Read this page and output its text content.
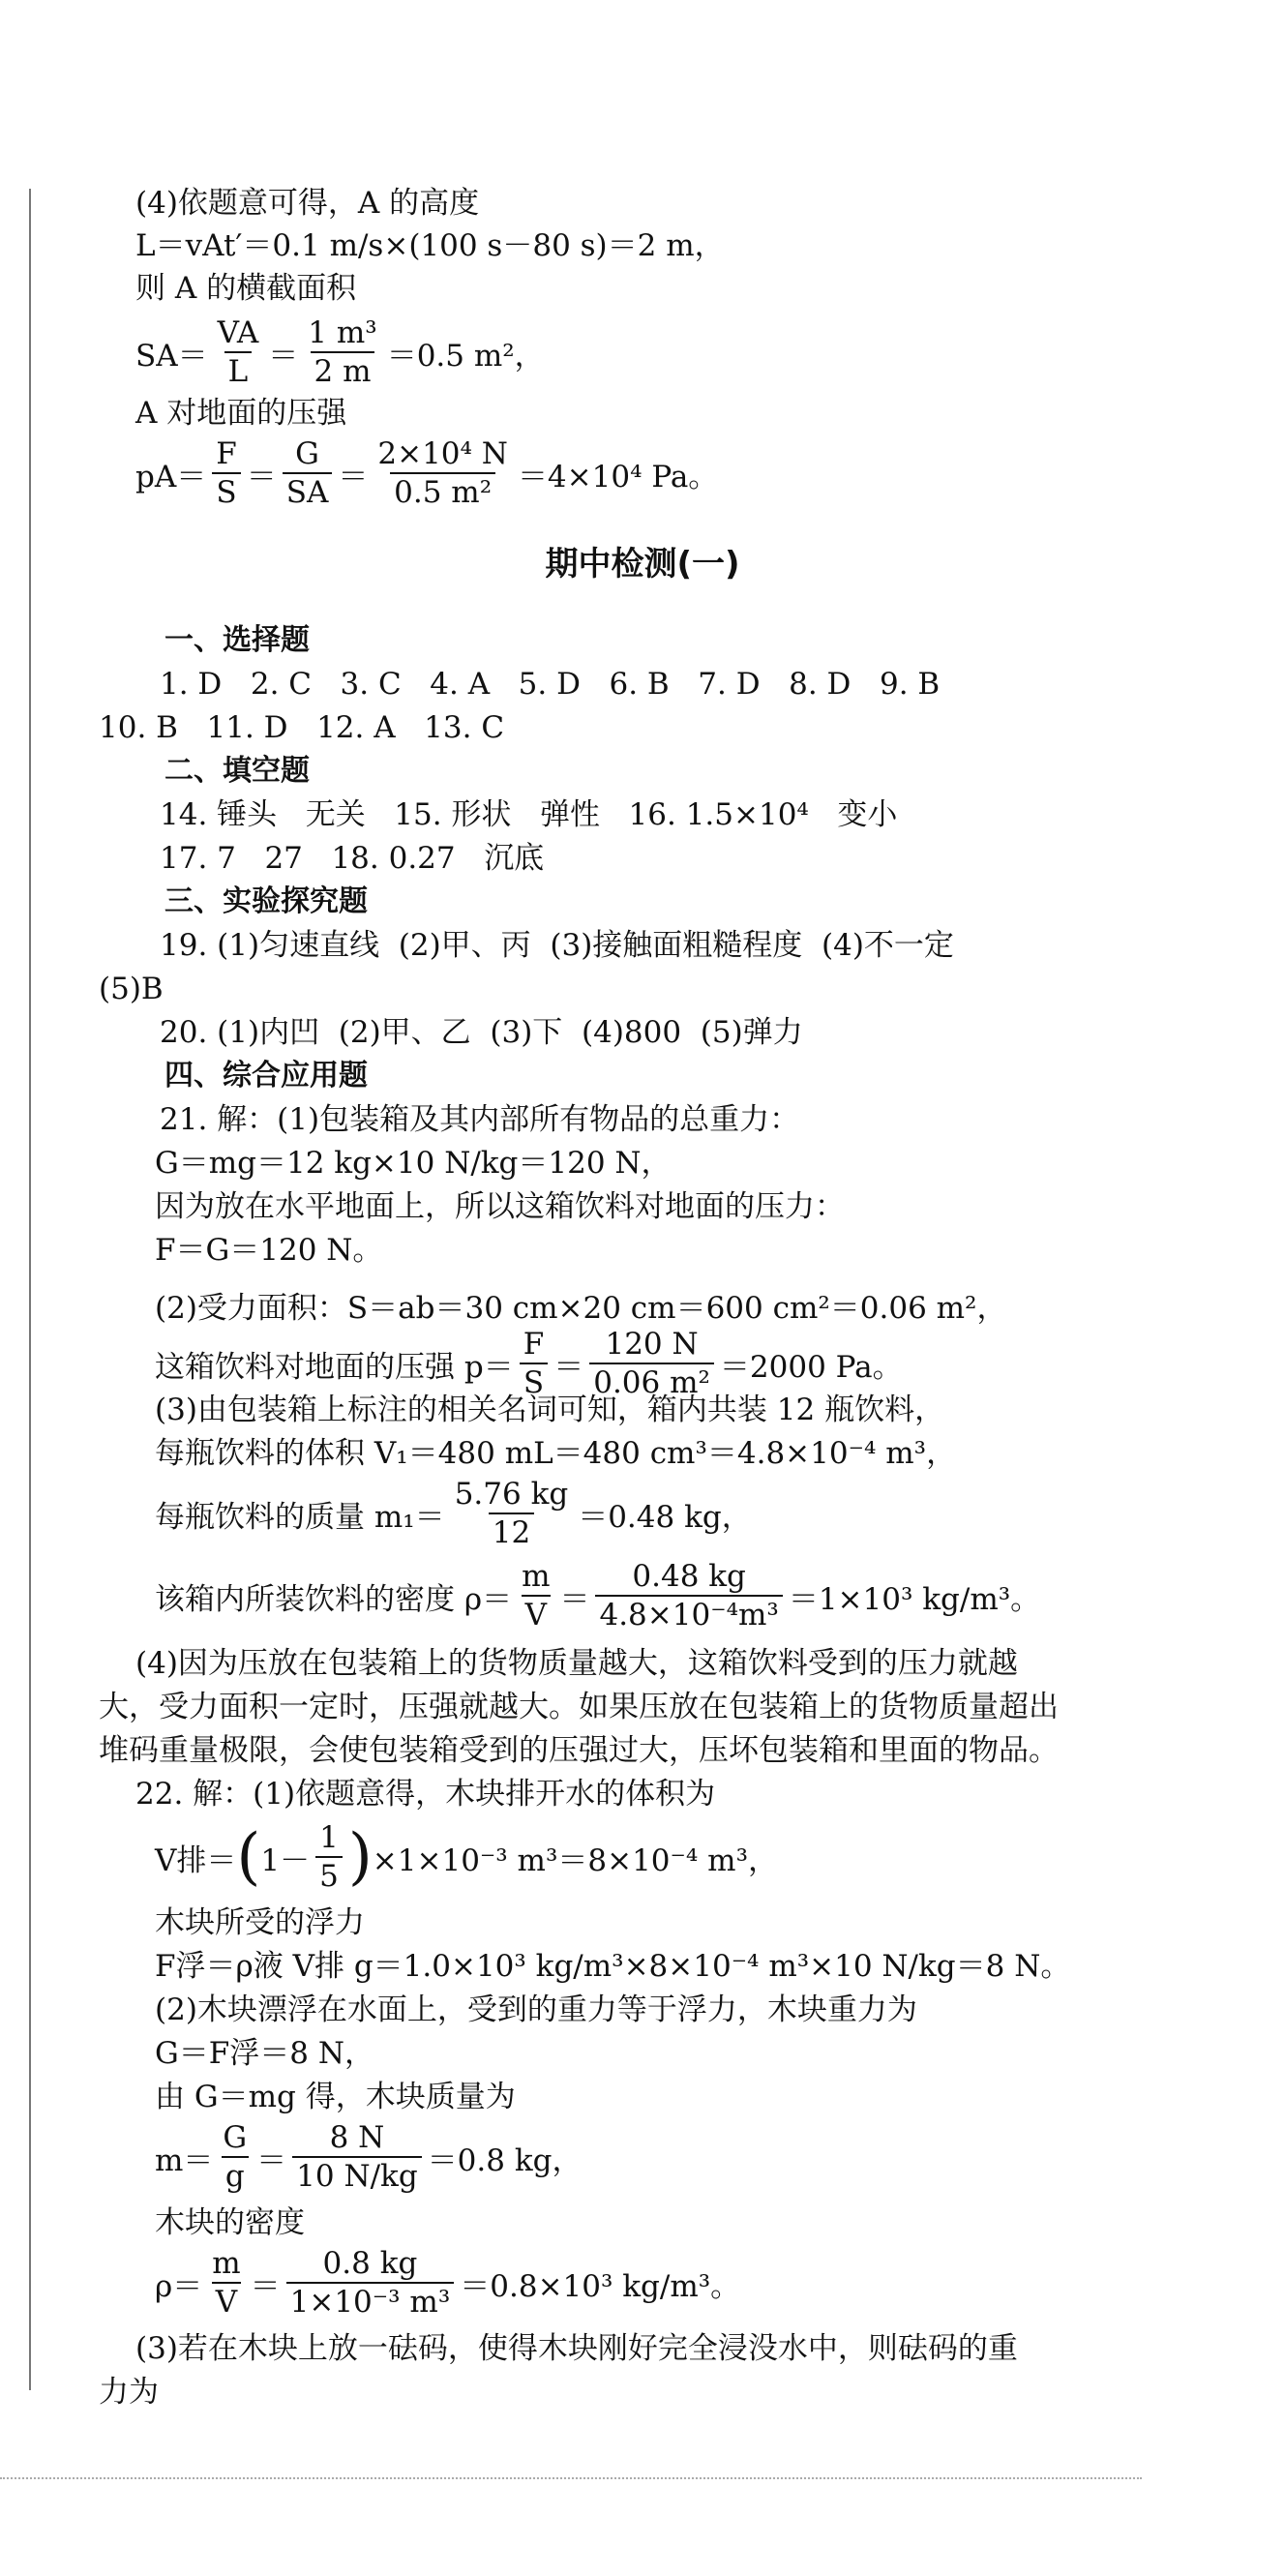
(4)依题意可得，A 的高度
L＝vAt′＝0.1 m/s×(100 s－80 s)＝2 m，
则 A 的横截面积
SA＝
VA
L ＝
1 m³
2 m ＝0.5 m²，
A 对地面的压强
pA＝
F
S ＝
G
SA ＝
2×10⁴ N
0.5 m² ＝4×10⁴ Pa。
期中检测(一)
一、选择题
1. D   2. C   3. C   4. A   5. D   6. B   7. D   8. D   9. B
10. B   11. D   12. A   13. C
二、填空题
14. 锤头   无关   15. 形状   弹性   16. 1.5×10⁴   变小
17. 7   27   18. 0.27   沉底
三、实验探究题
19. (1)匀速直线  (2)甲、丙  (3)接触面粗糙程度  (4)不一定
(5)B
20. (1)内凹  (2)甲、乙  (3)下  (4)800  (5)弹力
四、综合应用题
21. 解：(1)包装箱及其内部所有物品的总重力：
G＝mg＝12 kg×10 N/kg＝120 N，
因为放在水平地面上，所以这箱饮料对地面的压力：
F＝G＝120 N。
(2)受力面积：S＝ab＝30 cm×20 cm＝600 cm²＝0.06 m²，
这箱饮料对地面的压强 p＝
F
S ＝
120 N
0.06 m² ＝2000 Pa。
(3)由包装箱上标注的相关名词可知，箱内共装 12 瓶饮料，
每瓶饮料的体积 V₁＝480 mL＝480 cm³＝4.8×10⁻⁴ m³，
每瓶饮料的质量 m₁＝
5.76 kg
12 ＝0.48 kg，
该箱内所装饮料的密度 ρ＝
m
V ＝
0.48 kg
4.8×10⁻⁴m³ ＝1×10³ kg/m³。
(4)因为压放在包装箱上的货物质量越大，这箱饮料受到的压力就越
大，受力面积一定时，压强就越大。如果压放在包装箱上的货物质量超出
堆码重量极限，会使包装箱受到的压强过大，压坏包装箱和里面的物品。
22. 解：(1)依题意得，木块排开水的体积为
V排＝ ( 1－
1
5 ) ×1×10⁻³ m³＝8×10⁻⁴ m³，
木块所受的浮力
F浮＝ρ液 V排 g＝1.0×10³ kg/m³×8×10⁻⁴ m³×10 N/kg＝8 N。
(2)木块漂浮在水面上，受到的重力等于浮力，木块重力为
G＝F浮＝8 N，
由 G＝mg 得，木块质量为
m＝
G
g ＝
8 N
10 N/kg ＝0.8 kg，
木块的密度
ρ＝
m
V ＝
0.8 kg
1×10⁻³ m³ ＝0.8×10³ kg/m³。
(3)若在木块上放一砝码，使得木块刚好完全浸没水中，则砝码的重
力为
